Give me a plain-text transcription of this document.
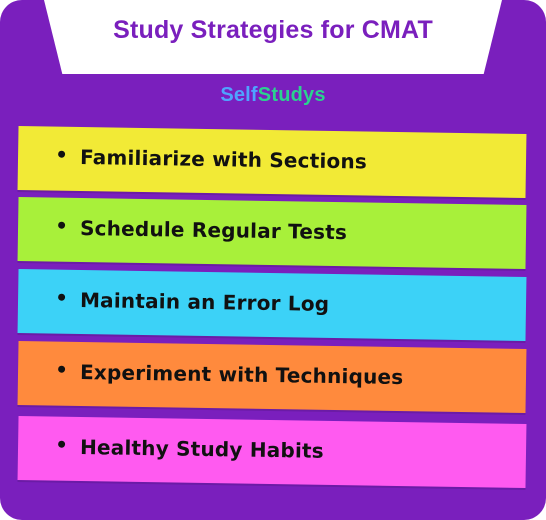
Study Strategies for CMAT
SelfStudys
Familiarize with Sections
Schedule Regular Tests
Maintain an Error Log
Experiment with Techniques
Healthy Study Habits
